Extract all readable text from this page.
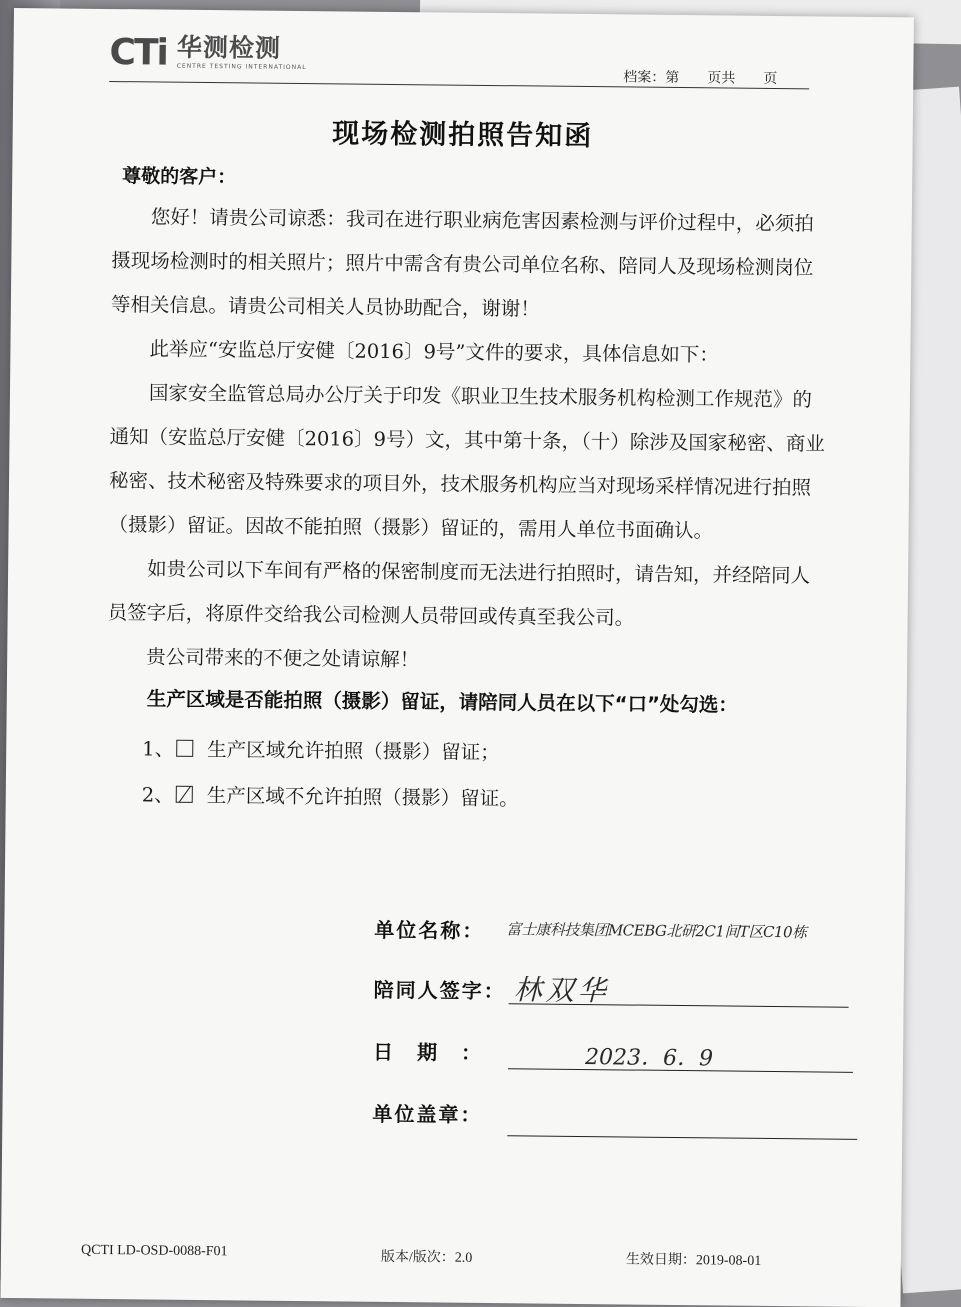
CTi 华测检测
CENTRE TESTING INTERNATIONAL
档案：第　　页共　　页
现场检测拍照告知函
尊敬的客户：

您好！请贵公司谅悉：我司在进行职业病危害因素检测与评价过程中，必须拍摄现场检测时的相关照片；照片中需含有贵公司单位名称、陪同人及现场检测岗位等相关信息。请贵公司相关人员协助配合，谢谢！

此举应“安监总厅安健〔2016〕9号”文件的要求，具体信息如下：

国家安全监管总局办公厅关于印发《职业卫生技术服务机构检测工作规范》的通知（安监总厅安健〔2016〕9号）文，其中第十条，（十）除涉及国家秘密、商业秘密、技术秘密及特殊要求的项目外，技术服务机构应当对现场采样情况进行拍照（摄影）留证。因故不能拍照（摄影）留证的，需用人单位书面确认。

如贵公司以下车间有严格的保密制度而无法进行拍照时，请告知，并经陪同人员签字后，将原件交给我公司检测人员带回或传真至我公司。

贵公司带来的不便之处请谅解！

生产区域是否能拍照（摄影）留证，请陪同人员在以下“口”处勾选：
1、 生产区域允许拍照（摄影）留证；
2、 生产区域不允许拍照（摄影）留证。
单位名称： 富士康科技集团MCEBG北研2C1间T区C10栋
陪同人签字： 林双华
日　期　：	2023．6．9
单位盖章：
QCTI LD-OSD-0088-F01	版本/版次：2.0	生效日期：2019-08-01
